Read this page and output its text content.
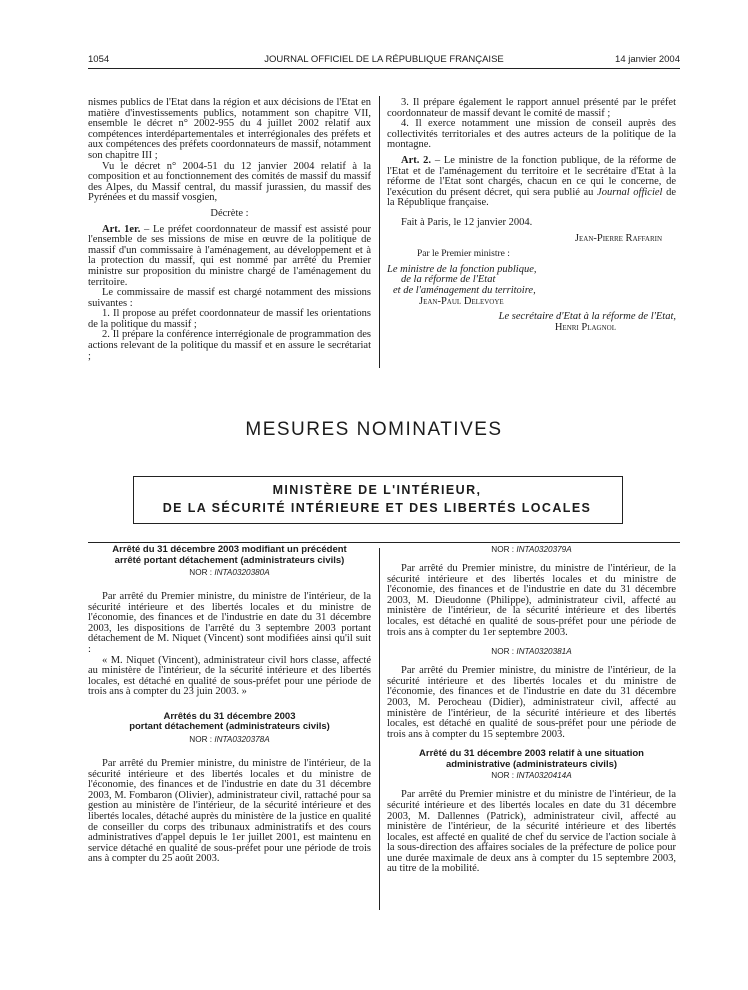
1054	JOURNAL OFFICIEL DE LA RÉPUBLIQUE FRANÇAISE	14 janvier 2004

nismes publics de l'Etat dans la région et aux décisions de l'Etat en matière d'investissements publics, notamment son chapitre VII, ensemble le décret n° 2002-955 du 4 juillet 2002 relatif aux compétences interdépartementales et interrégionales des préfets et aux compétences des préfets coordonnateurs de massif, notamment son chapitre III ;

Vu le décret n° 2004-51 du 12 janvier 2004 relatif à la composition et au fonctionnement des comités de massif du massif des Alpes, du Massif central, du massif jurassien, du massif des Pyrénées et du massif vosgien,

Décrète :

Art. 1er. – Le préfet coordonnateur de massif est assisté pour l'ensemble de ses missions de mise en œuvre de la politique de massif d'un commissaire à l'aménagement, au développement et à la protection du massif, qui est nommé par arrêté du Premier ministre sur proposition du ministre chargé de l'aménagement du territoire.

Le commissaire de massif est chargé notamment des missions suivantes :

1. Il propose au préfet coordonnateur de massif les orientations de la politique du massif ;

2. Il prépare la conférence interrégionale de programmation des actions relevant de la politique du massif et en assure le secrétariat ;

3. Il prépare également le rapport annuel présenté par le préfet coordonnateur de massif devant le comité de massif ;

4. Il exerce notamment une mission de conseil auprès des collectivités territoriales et des autres acteurs de la politique de la montagne.

Art. 2. – Le ministre de la fonction publique, de la réforme de l'Etat et de l'aménagement du territoire et le secrétaire d'Etat à la réforme de l'Etat sont chargés, chacun en ce qui le concerne, de l'exécution du présent décret, qui sera publié au Journal officiel de la République française.

Fait à Paris, le 12 janvier 2004.

Jean-Pierre Raffarin

Par le Premier ministre :

Le ministre de la fonction publique,

de la réforme de l'Etat

et de l'aménagement du territoire,

Jean-Paul Delevoye

Le secrétaire d'Etat à la réforme de l'Etat,

Henri Plagnol

MESURES NOMINATIVES
MINISTÈRE DE L'INTÉRIEUR,
DE LA SÉCURITÉ INTÉRIEURE ET DES LIBERTÉS LOCALES
Arrêté du 31 décembre 2003 modifiant un précédent
arrêté portant détachement (administrateurs civils)
NOR : INTA0320380A

Par arrêté du Premier ministre, du ministre de l'intérieur, de la sécurité intérieure et des libertés locales et du ministre de l'économie, des finances et de l'industrie en date du 31 décembre 2003, les dispositions de l'arrêté du 3 septembre 2003 portant détachement de M. Niquet (Vincent) sont modifiées ainsi qu'il suit :

« M. Niquet (Vincent), administrateur civil hors classe, affecté au ministère de l'intérieur, de la sécurité intérieure et des libertés locales, est détaché en qualité de sous-préfet pour une période de trois ans à compter du 23 juin 2003. »

Arrêtés du 31 décembre 2003
portant détachement (administrateurs civils)
NOR : INTA0320378A

Par arrêté du Premier ministre, du ministre de l'intérieur, de la sécurité intérieure et des libertés locales et du ministre de l'économie, des finances et de l'industrie en date du 31 décembre 2003, M. Fombaron (Olivier), administrateur civil, rattaché pour sa gestion au ministère de l'intérieur, de la sécurité intérieure et des libertés locales, détaché auprès du ministère de la justice en qualité de conseiller du corps des tribunaux administratifs et des cours administratives d'appel depuis le 1er juillet 2001, est maintenu en service détaché en qualité de sous-préfet pour une période de trois ans à compter du 25 août 2003.

NOR : INTA0320379A

Par arrêté du Premier ministre, du ministre de l'intérieur, de la sécurité intérieure et des libertés locales et du ministre de l'économie, des finances et de l'industrie en date du 31 décembre 2003, M. Dieudonne (Philippe), administrateur civil, affecté au ministère de l'intérieur, de la sécurité intérieure et des libertés locales, est détaché en qualité de sous-préfet pour une période de trois ans à compter du 1er septembre 2003.

NOR : INTA0320381A

Par arrêté du Premier ministre, du ministre de l'intérieur, de la sécurité intérieure et des libertés locales et du ministre de l'économie, des finances et de l'industrie en date du 31 décembre 2003, M. Perocheau (Didier), administrateur civil, affecté au ministère de l'intérieur, de la sécurité intérieure et des libertés locales, est détaché en qualité de sous-préfet pour une période de trois ans à compter du 15 septembre 2003.

Arrêté du 31 décembre 2003 relatif à une situation
administrative (administrateurs civils)
NOR : INTA0320414A

Par arrêté du Premier ministre et du ministre de l'intérieur, de la sécurité intérieure et des libertés locales en date du 31 décembre 2003, M. Dallennes (Patrick), administrateur civil, affecté au ministère de l'intérieur, de la sécurité intérieure et des libertés locales, est affecté en qualité de chef du service de l'action sociale à la sous-direction des affaires sociales de la préfecture de police pour une durée maximale de deux ans à compter du 15 septembre 2003, au titre de la mobilité.
